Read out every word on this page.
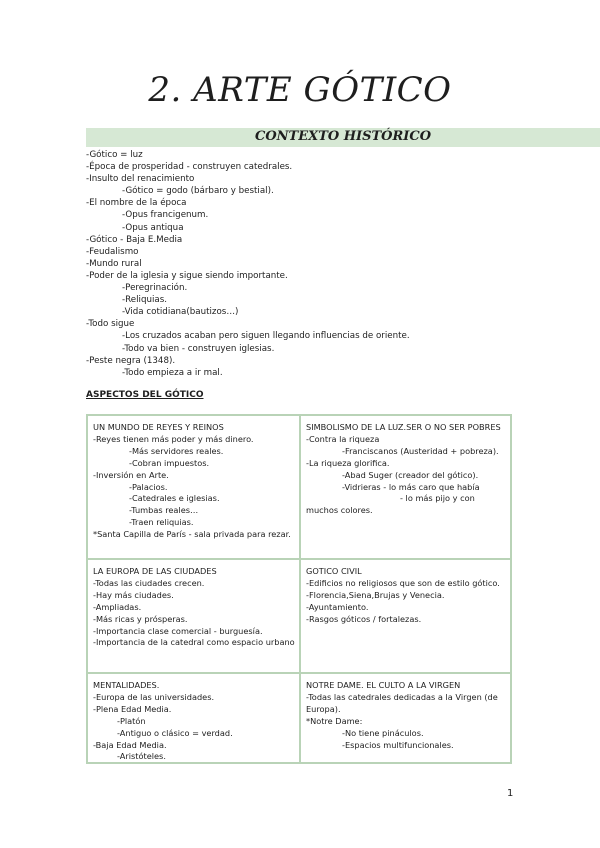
2. ARTE GÓTICO
CONTEXTO HISTÓRICO
-Gótico = luz
-Época de prosperidad - construyen catedrales.
-Insulto del renacimiento
-Gótico = godo (bárbaro y bestial).
-El nombre de la época
-Opus francigenum.
-Opus antiqua
-Gótico - Baja E.Media
-Feudalismo
-Mundo rural
-Poder de la iglesia y sigue siendo importante.
-Peregrinación.
-Reliquias.
-Vida cotidiana(bautizos…)
-Todo sigue
-Los cruzados acaban pero siguen llegando influencias de oriente.
-Todo va bien - construyen iglesias.
-Peste negra (1348).
-Todo empieza a ir mal.
ASPECTOS DEL GÓTICO
UN MUNDO DE REYES Y REINOS
-Reyes tienen más poder y más dinero.
-Más servidores reales.
-Cobran impuestos.
-Inversión en Arte.
-Palacios.
-Catedrales e iglesias.
-Tumbas reales…
-Traen reliquias.
*Santa Capilla de París - sala privada para rezar.
SIMBOLISMO DE LA LUZ.SER O NO SER POBRES
-Contra la riqueza
-Franciscanos (Austeridad + pobreza).
-La riqueza glorifica.
-Abad Suger (creador del gótico).
-Vidrieras - lo más caro que había
- lo más pijo y con
muchos colores.
LA EUROPA DE LAS CIUDADES
-Todas las ciudades crecen.
-Hay más ciudades.
-Ampliadas.
-Más ricas y prósperas.
-Importancia clase comercial - burguesía.
-Importancia de la catedral como espacio urbano
GOTICO CIVIL
-Edificios no religiosos que son de estilo gótico.
-Florencia,Siena,Brujas y Venecia.
-Ayuntamiento.
-Rasgos góticos / fortalezas.
MENTALIDADES.
-Europa de las universidades.
-Plena Edad Media.
-Platón
-Antiguo o clásico = verdad.
-Baja Edad Media.
-Aristóteles.
NOTRE DAME. EL CULTO A LA VIRGEN
-Todas las catedrales dedicadas a la Virgen (de Europa).
*Notre Dame:
-No tiene pináculos.
-Espacios multifuncionales.
1
